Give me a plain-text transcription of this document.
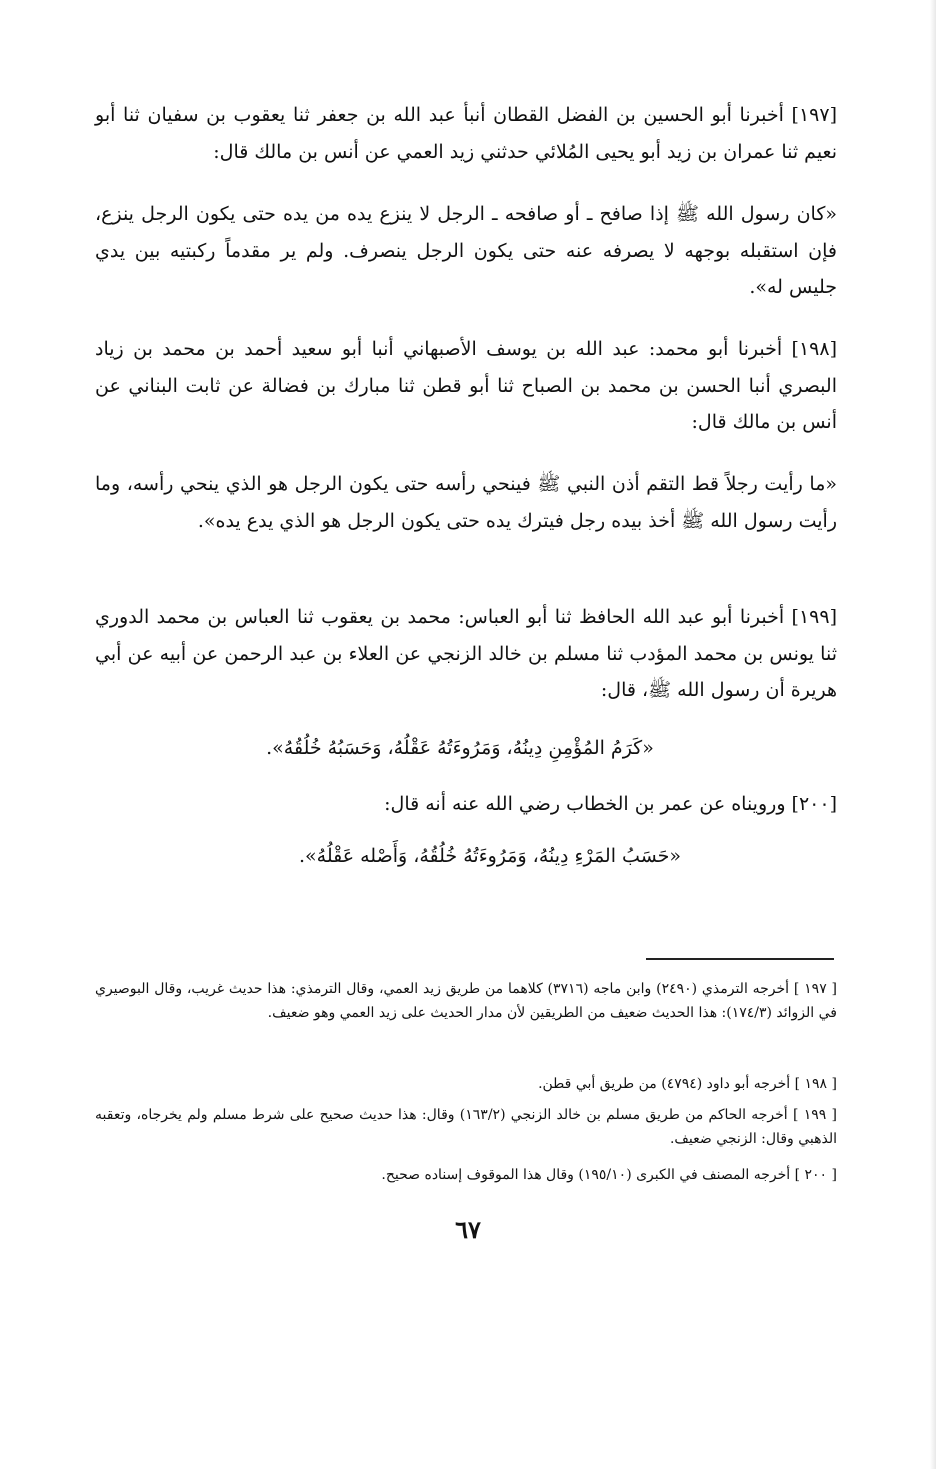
[١٩٧] أخبرنا أبو الحسين بن الفضل القطان أنبأ عبد الله بن جعفر ثنا يعقوب بن سفيان ثنا أبو نعيم ثنا عمران بن زيد أبو يحيى المُلائي حدثني زيد العمي عن أنس بن مالك قال:
«كان رسول الله ﷺ إذا صافح ـ أو صافحه ـ الرجل لا ينزع يده من يده حتى يكون الرجل ينزع، فإن استقبله بوجهه لا يصرفه عنه حتى يكون الرجل ينصرف. ولم ير مقدماً ركبتيه بين يدي جليس له».
[١٩٨] أخبرنا أبو محمد: عبد الله بن يوسف الأصبهاني أنبا أبو سعيد أحمد بن محمد بن زياد البصري أنبا الحسن بن محمد بن الصباح ثنا أبو قطن ثنا مبارك بن فضالة عن ثابت البناني عن أنس بن مالك قال:
«ما رأيت رجلاً قط التقم أذن النبي ﷺ فينحي رأسه حتى يكون الرجل هو الذي ينحي رأسه، وما رأيت رسول الله ﷺ أخذ بيده رجل فيترك يده حتى يكون الرجل هو الذي يدع يده».
[١٩٩] أخبرنا أبو عبد الله الحافظ ثنا أبو العباس: محمد بن يعقوب ثنا العباس بن محمد الدوري ثنا يونس بن محمد المؤدب ثنا مسلم بن خالد الزنجي عن العلاء بن عبد الرحمن عن أبيه عن أبي هريرة أن رسول الله ﷺ، قال:
«كَرَمُ المُؤْمِنِ دِينُهُ، وَمَرُوءَتُهُ عَقْلُهُ، وَحَسَبُهُ خُلُقُهُ».
[٢٠٠] ورويناه عن عمر بن الخطاب رضي الله عنه أنه قال:
«حَسَبُ المَرْءِ دِينُهُ، وَمَرُوءَتُهُ خُلُقُهُ، وَأَصْله عَقْلُهُ».
[ ١٩٧ ] أخرجه الترمذي (٢٤٩٠) وابن ماجه (٣٧١٦) كلاهما من طريق زيد العمي، وقال الترمذي: هذا حديث غريب، وقال البوصيري في الزوائد (١٧٤/٣): هذا الحديث ضعيف من الطريقين لأن مدار الحديث على زيد العمي وهو ضعيف.
[ ١٩٨ ] أخرجه أبو داود (٤٧٩٤) من طريق أبي قطن.
[ ١٩٩ ] أخرجه الحاكم من طريق مسلم بن خالد الزنجي (١٦٣/٢) وقال: هذا حديث صحيح على شرط مسلم ولم يخرجاه، وتعقبه الذهبي وقال: الزنجي ضعيف.
[ ٢٠٠ ] أخرجه المصنف في الكبرى (١٩٥/١٠) وقال هذا الموقوف إسناده صحيح.
٦٧
